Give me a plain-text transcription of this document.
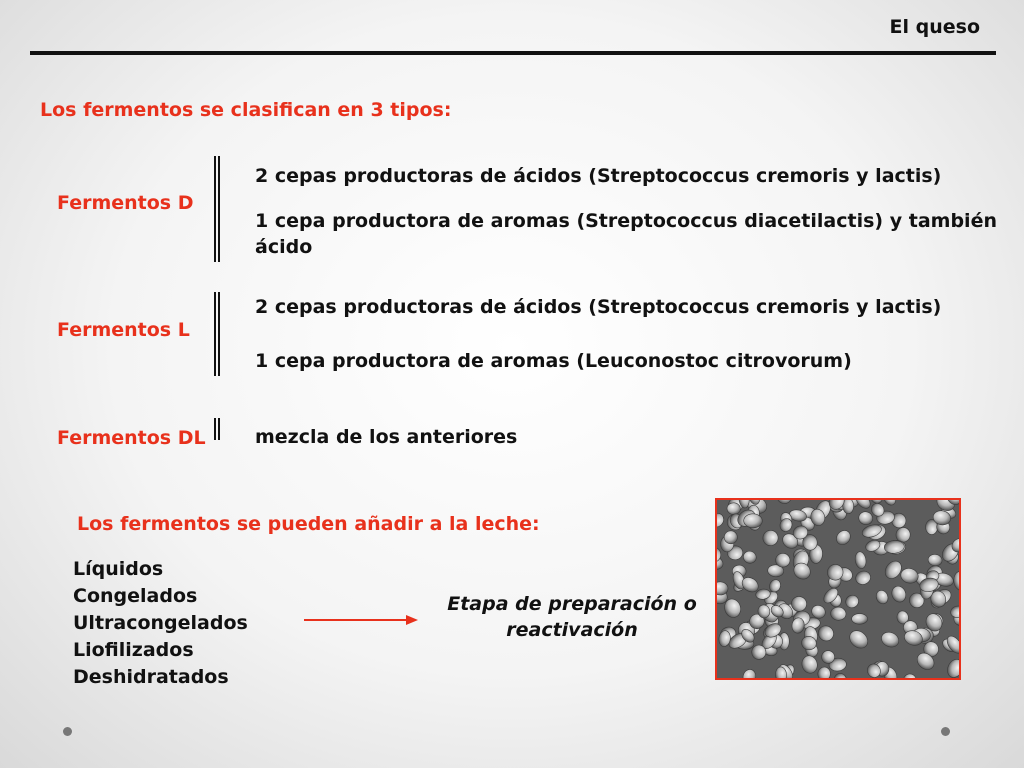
El queso
Los fermentos se clasifican en 3 tipos:
Fermentos D
2 cepas productoras de ácidos (Streptococcus cremoris y lactis)
1 cepa productora de aromas (Streptococcus diacetilactis) y también ácido
Fermentos L
2 cepas productoras de ácidos (Streptococcus cremoris y lactis)
1 cepa productora de aromas (Leuconostoc citrovorum)
Fermentos DL	mezcla de los anteriores
Los fermentos se pueden añadir a la leche:
Líquidos
Congelados
Ultracongelados
Liofilizados
Deshidratados
Etapa de preparación o reactivación
